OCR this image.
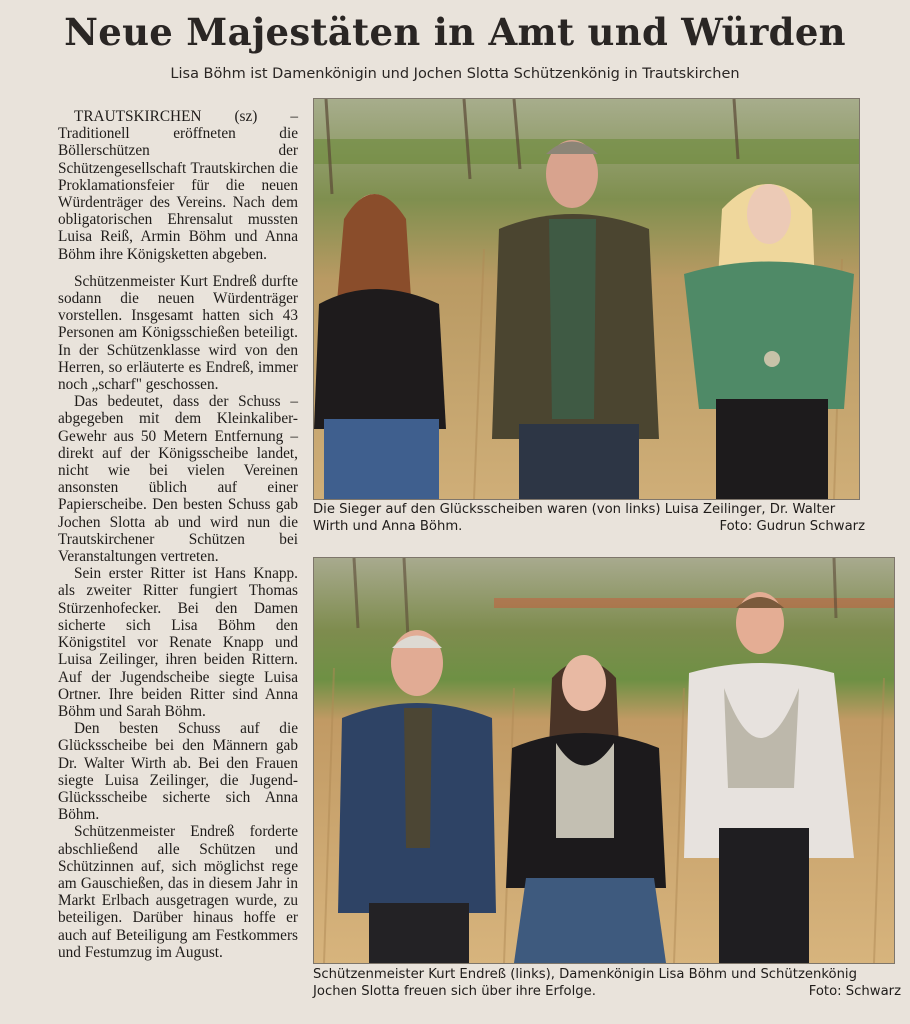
Neue Majestäten in Amt und Würden
Lisa Böhm ist Damenkönigin und Jochen Slotta Schützenkönig in Trautskirchen

TRAUTSKIRCHEN (sz) – Traditionell eröffneten die Böllerschützen der Schützengesellschaft Trautskirchen die Proklamationsfeier für die neuen Würdenträger des Vereins. Nach dem obligatorischen Ehrensalut mussten Luisa Reiß, Armin Böhm und Anna Böhm ihre Königsketten abgeben.

Schützenmeister Kurt Endreß durfte sodann die neuen Würdenträger vorstellen. Insgesamt hatten sich 43 Personen am Königsschießen beteiligt. In der Schützenklasse wird von den Herren, so erläuterte es Endreß, immer noch „scharf" geschossen.

Das bedeutet, dass der Schuss – abgegeben mit dem Kleinkaliber-Gewehr aus 50 Metern Entfernung – direkt auf der Königsscheibe landet, nicht wie bei vielen Vereinen ansonsten üblich auf einer Papierscheibe. Den besten Schuss gab Jochen Slotta ab und wird nun die Trautskirchener Schützen bei Veranstaltungen vertreten.

Sein erster Ritter ist Hans Knapp. als zweiter Ritter fungiert Thomas Stürzenhofecker. Bei den Damen sicherte sich Lisa Böhm den Königstitel vor Renate Knapp und Luisa Zeilinger, ihren beiden Rittern. Auf der Jugendscheibe siegte Luisa Ortner. Ihre beiden Ritter sind Anna Böhm und Sarah Böhm.

Den besten Schuss auf die Glücksscheibe bei den Männern gab Dr. Walter Wirth ab. Bei den Frauen siegte Luisa Zeilinger, die Jugend-Glücksscheibe sicherte sich Anna Böhm.

Schützenmeister Endreß forderte abschließend alle Schützen und Schützinnen auf, sich möglichst rege am Gauschießen, das in diesem Jahr in Markt Erlbach ausgetragen wurde, zu beteiligen. Darüber hinaus hoffe er auch auf Beteiligung am Festkommers und Festumzug im August.

Die Sieger auf den Glücksscheiben waren (von links) Luisa Zeilinger, Dr. Walter Wirth und Anna Böhm.	Foto: Gudrun Schwarz
Schützenmeister Kurt Endreß (links), Damenkönigin Lisa Böhm und Schützenkönig Jochen Slotta freuen sich über ihre Erfolge.	Foto: Schwarz
